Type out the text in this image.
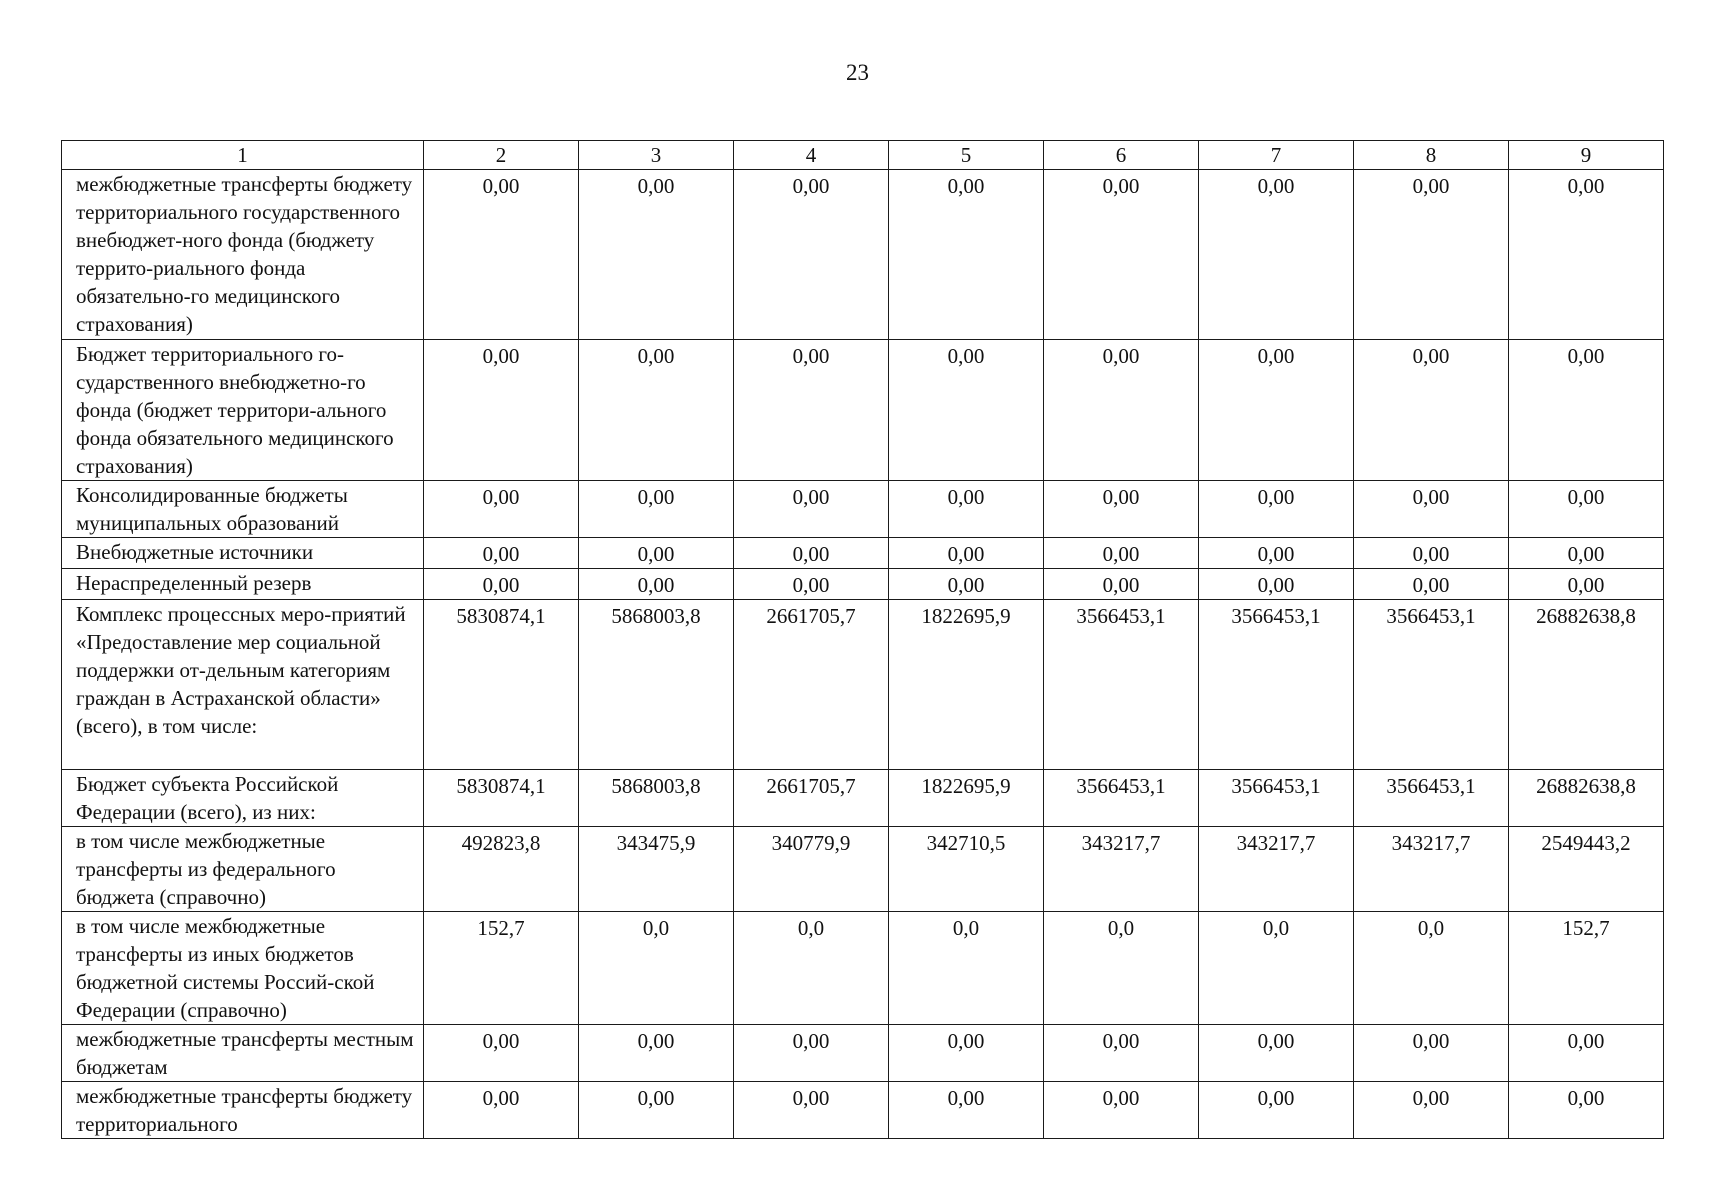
23
1	2	3	4	5	6	7	8	9
межбюджетные трансферты бюджету территориального государственного внебюджет-ного фонда (бюджету террито-риального фонда обязательно-го медицинского страхования)	0,00	0,00	0,00	0,00	0,00	0,00	0,00	0,00
Бюджет территориального го-сударственного внебюджетно-го фонда (бюджет территори-ального фонда обязательного медицинского страхования)	0,00	0,00	0,00	0,00	0,00	0,00	0,00	0,00
Консолидированные бюджеты муниципальных образований	0,00	0,00	0,00	0,00	0,00	0,00	0,00	0,00
Внебюджетные источники	0,00	0,00	0,00	0,00	0,00	0,00	0,00	0,00
Нераспределенный резерв	0,00	0,00	0,00	0,00	0,00	0,00	0,00	0,00
Комплекс процессных меро-приятий «Предоставление мер социальной поддержки от-дельным категориям граждан в Астраханской области» (всего), в том числе:	5830874,1	5868003,8	2661705,7	1822695,9	3566453,1	3566453,1	3566453,1	26882638,8
Бюджет субъекта Российской Федерации (всего), из них:	5830874,1	5868003,8	2661705,7	1822695,9	3566453,1	3566453,1	3566453,1	26882638,8
в том числе межбюджетные трансферты из федерального бюджета (справочно)	492823,8	343475,9	340779,9	342710,5	343217,7	343217,7	343217,7	2549443,2
в том числе межбюджетные трансферты из иных бюджетов бюджетной системы Россий-ской Федерации (справочно)	152,7	0,0	0,0	0,0	0,0	0,0	0,0	152,7
межбюджетные трансферты местным бюджетам	0,00	0,00	0,00	0,00	0,00	0,00	0,00	0,00
межбюджетные трансферты бюджету территориального	0,00	0,00	0,00	0,00	0,00	0,00	0,00	0,00
